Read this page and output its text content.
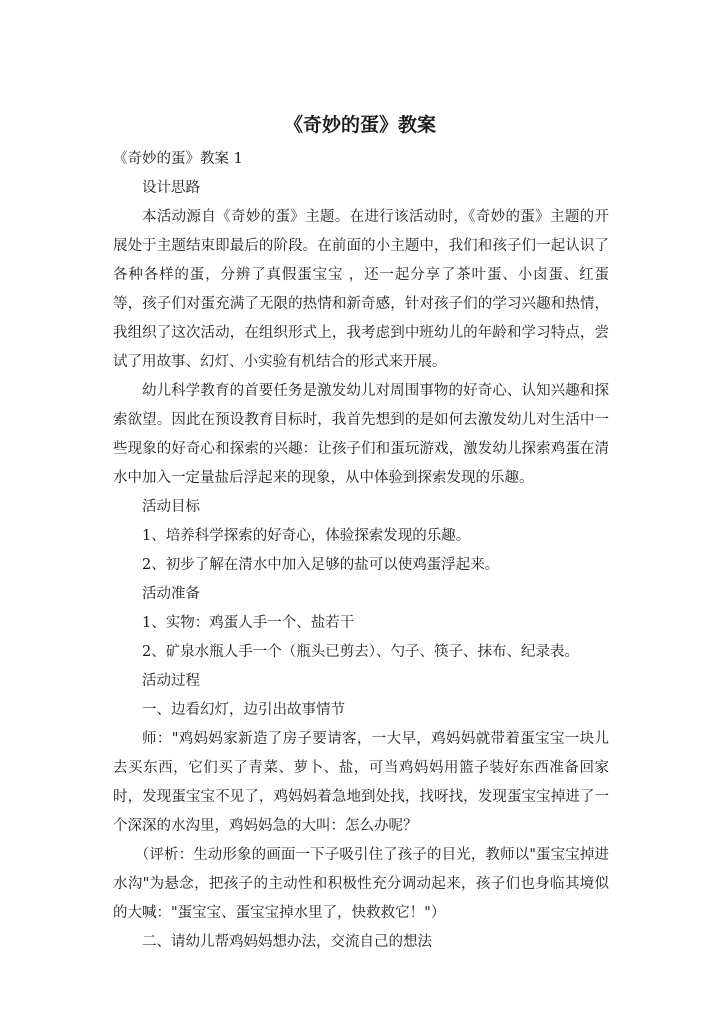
《奇妙的蛋》教案

《奇妙的蛋》教案 1

设计思路

本活动源自《奇妙的蛋》主题。在进行该活动时，《奇妙的蛋》主题的开展处于主题结束即最后的阶段。在前面的小主题中，我们和孩子们一起认识了各种各样的蛋，分辨了真假蛋宝宝 ，还一起分享了茶叶蛋、小卤蛋、红蛋等，孩子们对蛋充满了无限的热情和新奇感，针对孩子们的学习兴趣和热情，我组织了这次活动，在组织形式上，我考虑到中班幼儿的年龄和学习特点，尝试了用故事、幻灯、小实验有机结合的形式来开展。

幼儿科学教育的首要任务是激发幼儿对周围事物的好奇心、认知兴趣和探索欲望。因此在预设教育目标时，我首先想到的是如何去激发幼儿对生活中一些现象的好奇心和探索的兴趣：让孩子们和蛋玩游戏，激发幼儿探索鸡蛋在清水中加入一定量盐后浮起来的现象，从中体验到探索发现的乐趣。

活动目标

1、培养科学探索的好奇心，体验探索发现的乐趣。

2、初步了解在清水中加入足够的盐可以使鸡蛋浮起来。

活动准备

1、实物：鸡蛋人手一个、盐若干

2、矿泉水瓶人手一个（瓶头已剪去）、勺子、筷子、抹布、纪录表。

活动过程

一、边看幻灯，边引出故事情节

师："鸡妈妈家新造了房子要请客，一大早，鸡妈妈就带着蛋宝宝一块儿去买东西，它们买了青菜、萝卜、盐，可当鸡妈妈用篮子装好东西准备回家时，发现蛋宝宝不见了，鸡妈妈着急地到处找，找呀找，发现蛋宝宝掉进了一个深深的水沟里，鸡妈妈急的大叫：怎么办呢？

（评析：生动形象的画面一下子吸引住了孩子的目光，教师以"蛋宝宝掉进水沟"为悬念，把孩子的主动性和积极性充分调动起来，孩子们也身临其境似的大喊："蛋宝宝、蛋宝宝掉水里了，快救救它！"）

二、请幼儿帮鸡妈妈想办法，交流自己的想法
